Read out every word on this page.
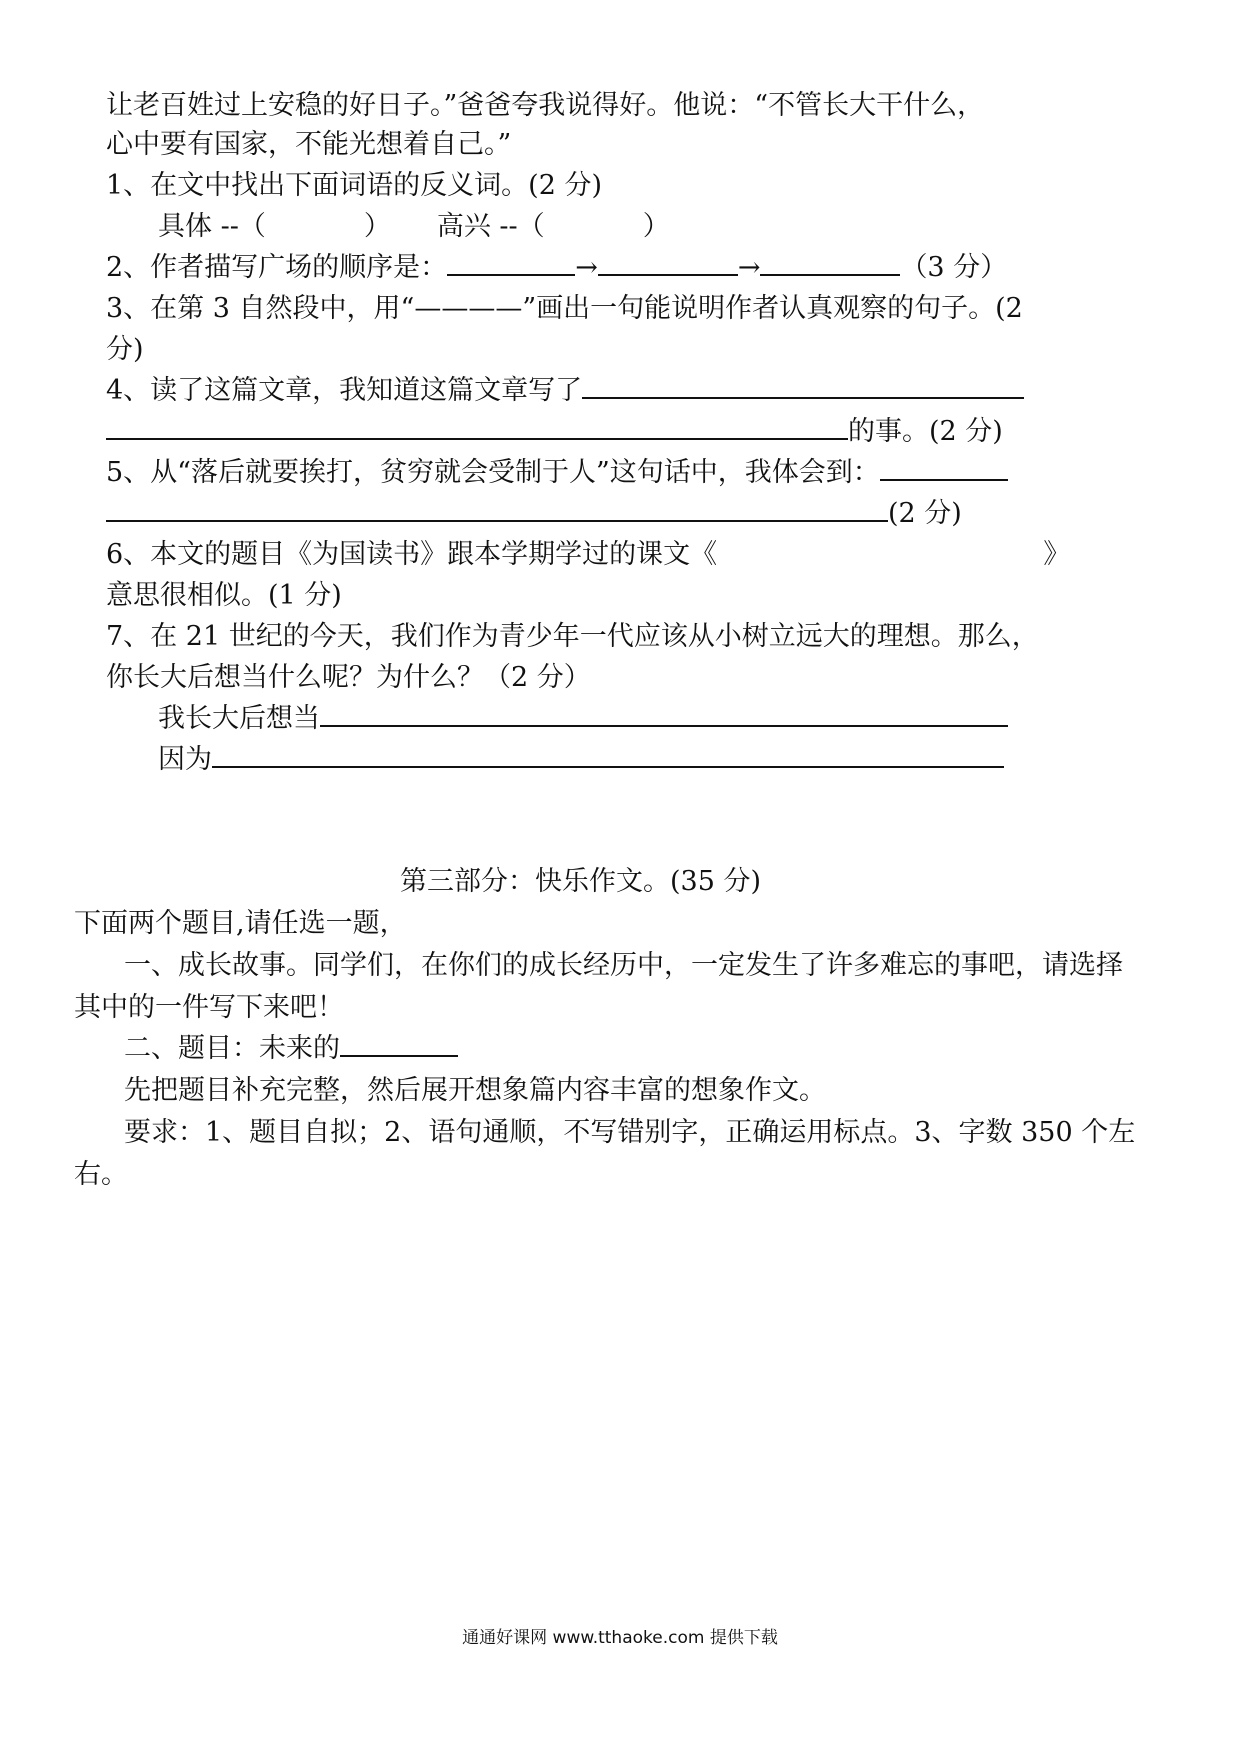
让老百姓过上安稳的好日子。”爸爸夸我说得好。他说：“不管长大干什么，
心中要有国家，不能光想着自己。”
1、在文中找出下面词语的反义词。(2 分)
具体 --（	） 高兴 --（	）
2、作者描写广场的顺序是：	→	→	（3 分）
3、在第 3 自然段中，用“————”画出一句能说明作者认真观察的句子。(2
分)
4、读了这篇文章，我知道这篇文章写了
的事。(2 分)
5、从“落后就要挨打，贫穷就会受制于人”这句话中，我体会到：
(2 分)
6、本文的题目《为国读书》跟本学期学过的课文《	》
意思很相似。(1 分)
7、在 21 世纪的今天，我们作为青少年一代应该从小树立远大的理想。那么，
你长大后想当什么呢？为什么？（2 分）
我长大后想当
因为
第三部分：快乐作文。(35 分)
下面两个题目,请任选一题，
一、成长故事。同学们，在你们的成长经历中，一定发生了许多难忘的事吧，请选择
其中的一件写下来吧！
二、题目：未来的
先把题目补充完整，然后展开想象篇内容丰富的想象作文。
要求：1、题目自拟；2、语句通顺，不写错别字，正确运用标点。3、字数 350 个左
右。
通通好课网 www.tthaoke.com 提供下载
